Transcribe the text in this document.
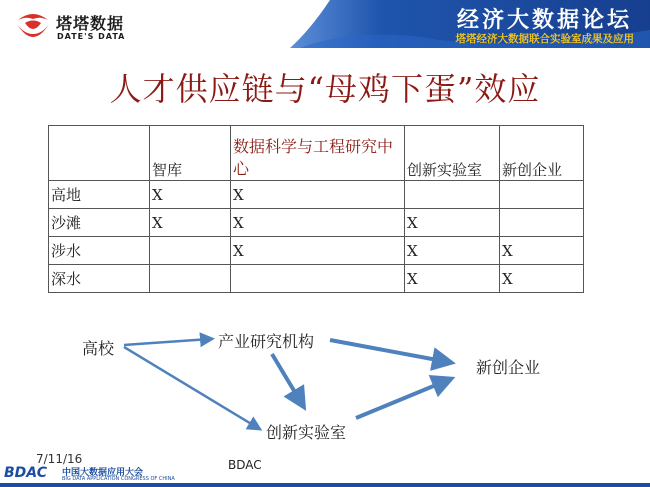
塔塔数据
DATE'S DATA
经济大数据论坛
塔塔经济大数据联合实验室成果及应用
人才供应链与“母鸡下蛋”效应
	智库	数据科学与工程研究中心	创新实验室	新创企业
高地	X	X		
沙滩	X	X	X	
涉水		X	X	X
深水			X	X
高校	产业研究机构
新创企业
创新实验室
7/11/16	BDAC
BDAC 中国大数据应用大会
BIG DATA APPLICATION CONGRESS OF CHINA
